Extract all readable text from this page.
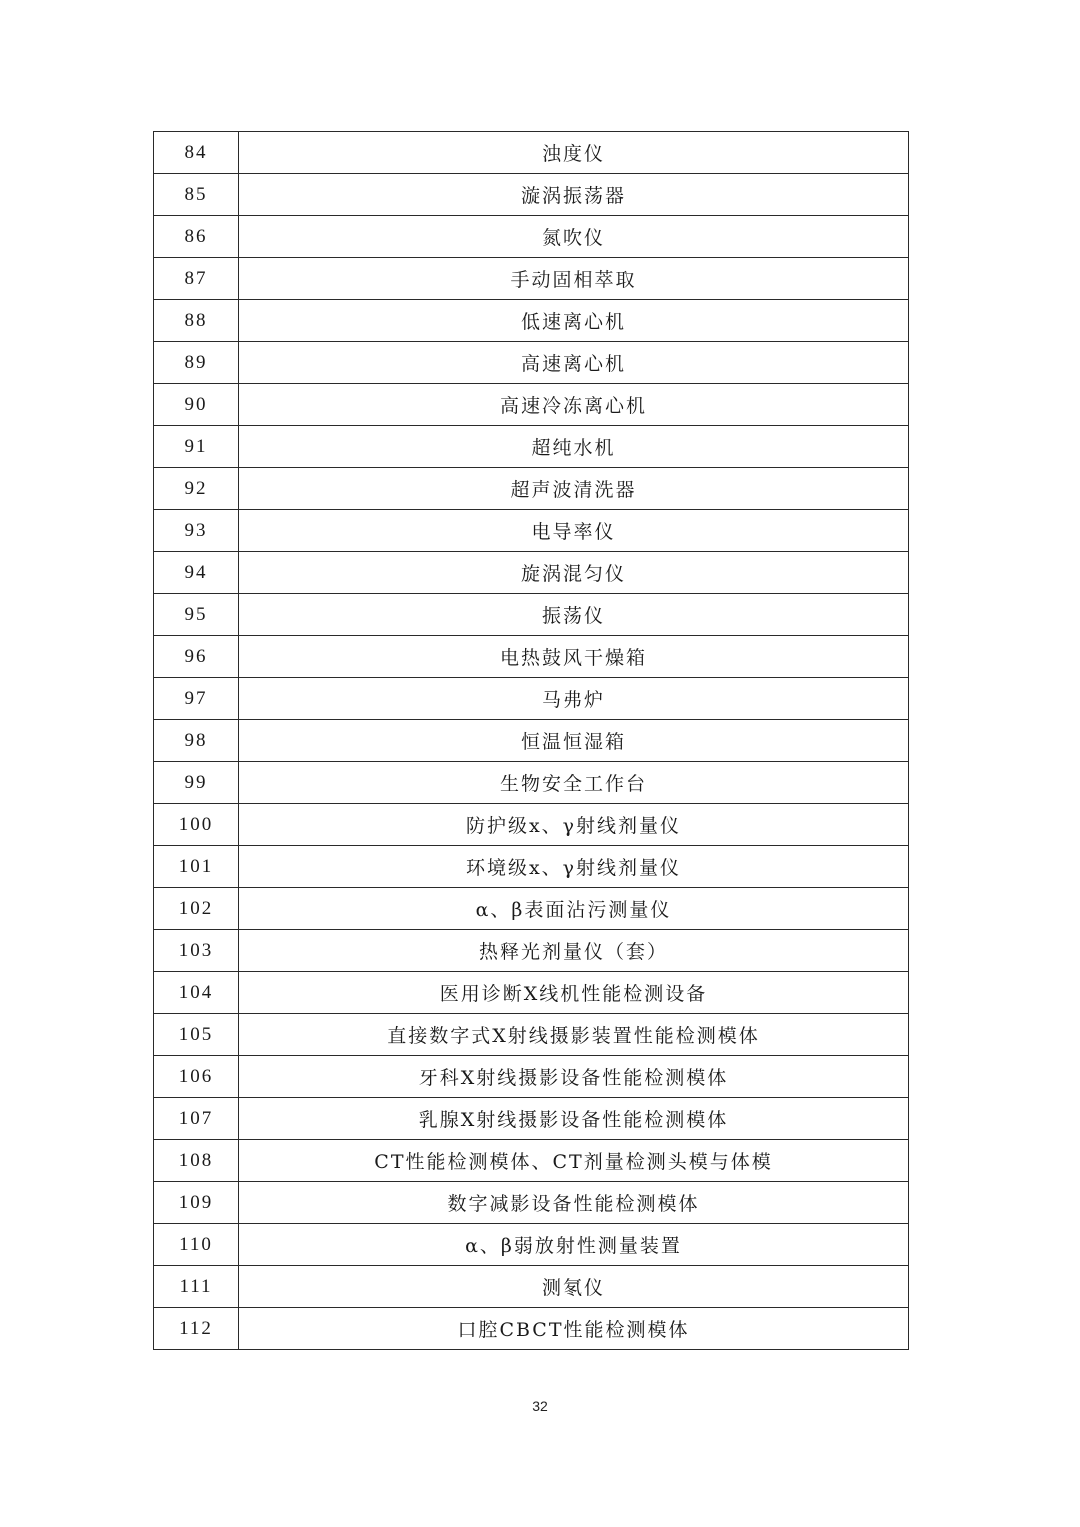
84	浊度仪
85	漩涡振荡器
86	氮吹仪
87	手动固相萃取
88	低速离心机
89	高速离心机
90	高速冷冻离心机
91	超纯水机
92	超声波清洗器
93	电导率仪
94	旋涡混匀仪
95	振荡仪
96	电热鼓风干燥箱
97	马弗炉
98	恒温恒湿箱
99	生物安全工作台
100	防护级x、γ射线剂量仪
101	环境级x、γ射线剂量仪
102	α、β表面沾污测量仪
103	热释光剂量仪（套）
104	医用诊断X线机性能检测设备
105	直接数字式X射线摄影装置性能检测模体
106	牙科X射线摄影设备性能检测模体
107	乳腺X射线摄影设备性能检测模体
108	CT性能检测模体、CT剂量检测头模与体模
109	数字减影设备性能检测模体
110	α、β弱放射性测量装置
111	测氡仪
112	口腔CBCT性能检测模体
32
